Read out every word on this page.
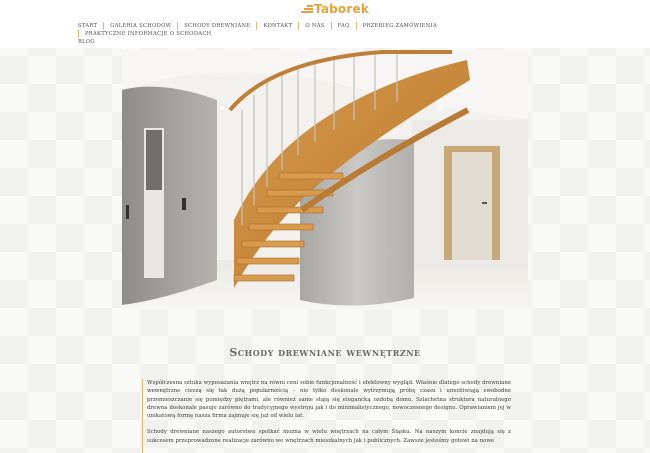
Taborek
START	GALERIA SCHODÓW	SCHODY DREWNIANE	KONTAKT	O NAS	FAQ	PRZEBIEG ZAMÓWIENIA
PRAKTYCZNE INFORMACJE O SCHODACH
BLOG
Schody drewniane wewnętrzne

Współczesna sztuka wyposażania wnętrz na równi ceni sobie funkcjonalność i efektowny wygląd. Właśnie dlatego schody drewniane wewnętrzne cieszą się tak dużą popularnością – nie tylko doskonale wytrzymują próbę czasu i umożliwiają swobodne przemieszczanie się pomiędzy piętrami, ale również same stają się elegancką ozdobą domu. Szlachetna struktura naturalnego drewna doskonale pasuje zarówno do tradycyjnego wystroju jak i do minimalistycznego, nowoczesnego designu. Oprawianiem jej w unikatową formę nasza firma zajmuje się już od wielu lat.

Schody drewniane naszego autorstwa spotkać można w wielu wnętrzach na całym Śląsku. Na naszym koncie znajdują się z sukcesem przeprowadzone realizacje zarówno we wnętrzach mieszkalnych jak i publicznych. Zawsze jesteśmy gotowi na nowe
